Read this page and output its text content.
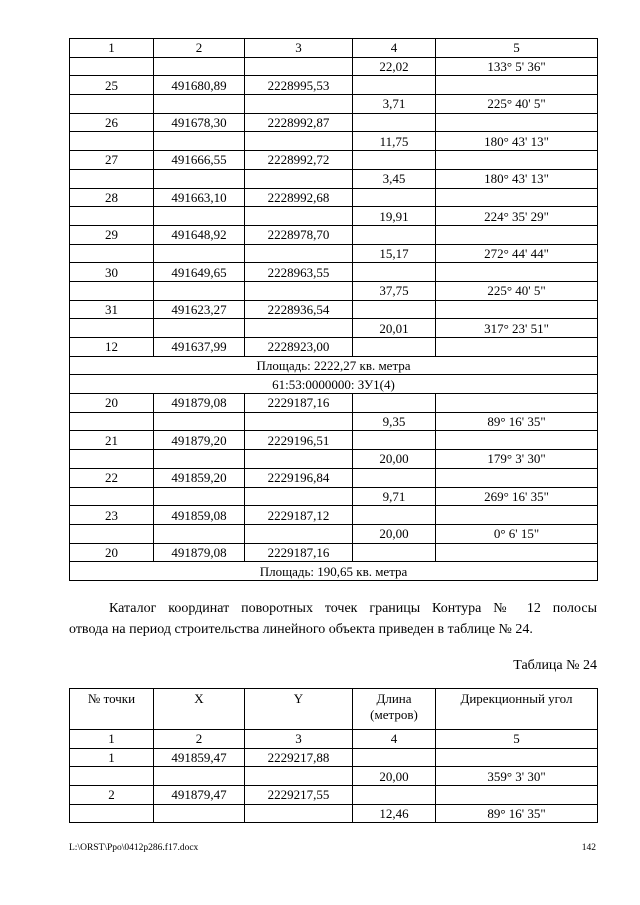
1	2	3	4	5
			22,02	133° 5' 36"
25	491680,89	2228995,53		
			3,71	225° 40' 5"
26	491678,30	2228992,87		
			11,75	180° 43' 13"
27	491666,55	2228992,72		
			3,45	180° 43' 13"
28	491663,10	2228992,68		
			19,91	224° 35' 29"
29	491648,92	2228978,70		
			15,17	272° 44' 44"
30	491649,65	2228963,55		
			37,75	225° 40' 5"
31	491623,27	2228936,54		
			20,01	317° 23' 51"
12	491637,99	2228923,00		
Площадь: 2222,27 кв. метра				
61:53:0000000: ЗУ1(4)				
20	491879,08	2229187,16		
			9,35	89° 16' 35"
21	491879,20	2229196,51		
			20,00	179° 3' 30"
22	491859,20	2229196,84		
			9,71	269° 16' 35"
23	491859,08	2229187,12		
			20,00	0° 6' 15"
20	491879,08	2229187,16		
Площадь: 190,65 кв. метра				
Каталог координат поворотных точек границы Контура № 12 полосы
отвода на период строительства линейного объекта приведен в таблице № 24.
Таблица № 24
№ точки	X	Y	Длина (метров)	Дирекционный угол
1	2	3	4	5
1	491859,47	2229217,88		
			20,00	359° 3' 30"
2	491879,47	2229217,55		
			12,46	89° 16' 35"
L:\ORST\Ppo\0412p286.f17.docx	142
